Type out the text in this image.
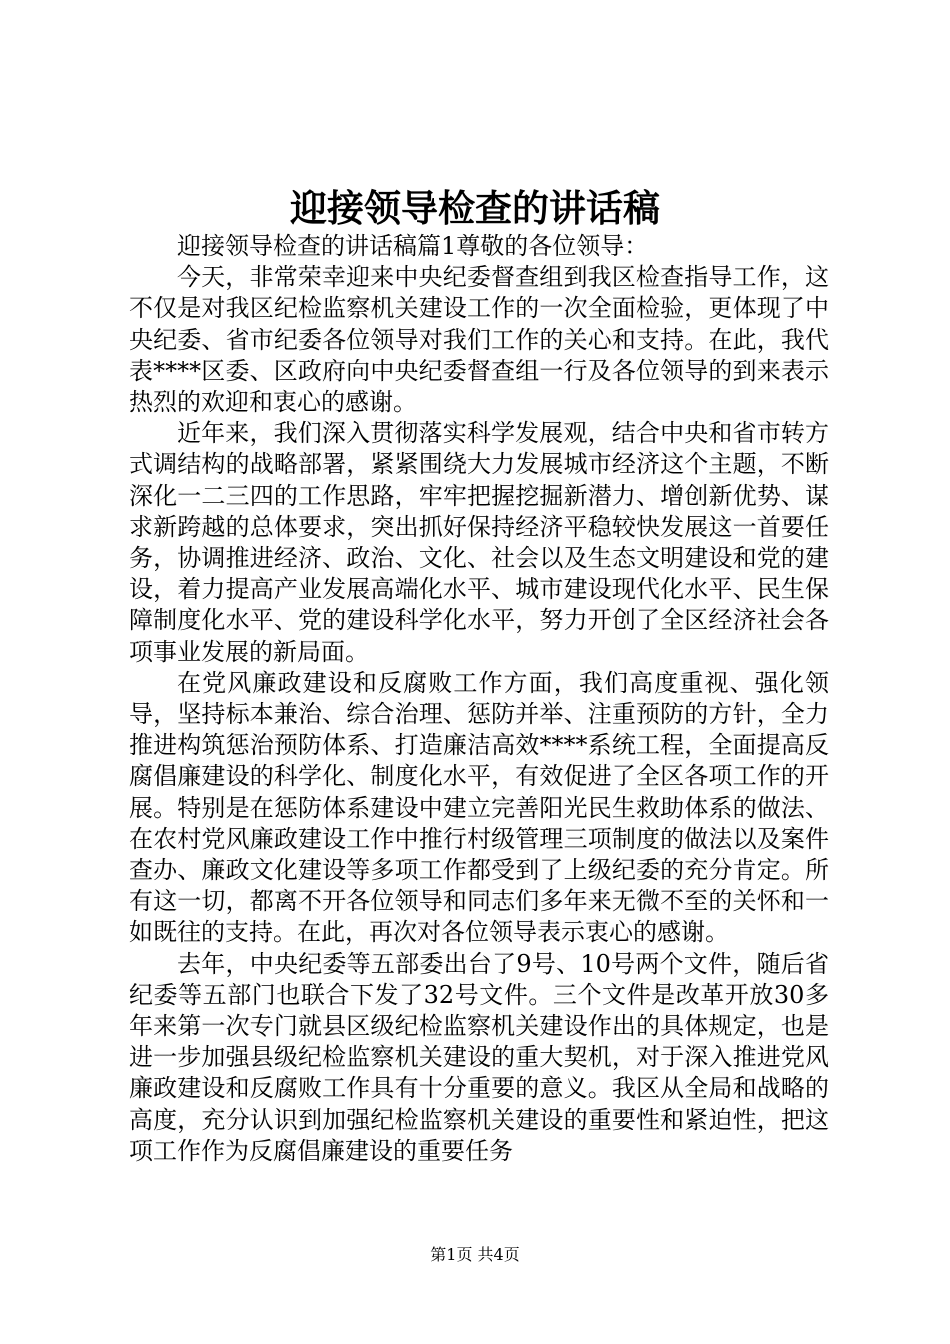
迎接领导检查的讲话稿

迎接领导检查的讲话稿篇1尊敬的各位领导：

今天，非常荣幸迎来中央纪委督查组到我区检查指导工作，这不仅是对我区纪检监察机关建设工作的一次全面检验，更体现了中央纪委、省市纪委各位领导对我们工作的关心和支持。在此，我代表****区委、区政府向中央纪委督查组一行及各位领导的到来表示热烈的欢迎和衷心的感谢。

近年来，我们深入贯彻落实科学发展观，结合中央和省市转方式调结构的战略部署，紧紧围绕大力发展城市经济这个主题，不断深化一二三四的工作思路，牢牢把握挖掘新潜力、增创新优势、谋求新跨越的总体要求，突出抓好保持经济平稳较快发展这一首要任务，协调推进经济、政治、文化、社会以及生态文明建设和党的建设，着力提高产业发展高端化水平、城市建设现代化水平、民生保障制度化水平、党的建设科学化水平，努力开创了全区经济社会各项事业发展的新局面。

在党风廉政建设和反腐败工作方面，我们高度重视、强化领导，坚持标本兼治、综合治理、惩防并举、注重预防的方针，全力推进构筑惩治预防体系、打造廉洁高效****系统工程，全面提高反腐倡廉建设的科学化、制度化水平，有效促进了全区各项工作的开展。特别是在惩防体系建设中建立完善阳光民生救助体系的做法、在农村党风廉政建设工作中推行村级管理三项制度的做法以及案件查办、廉政文化建设等多项工作都受到了上级纪委的充分肯定。所有这一切，都离不开各位领导和同志们多年来无微不至的关怀和一如既往的支持。在此，再次对各位领导表示衷心的感谢。

去年，中央纪委等五部委出台了9号、10号两个文件，随后省纪委等五部门也联合下发了32号文件。三个文件是改革开放30多年来第一次专门就县区级纪检监察机关建设作出的具体规定，也是进一步加强县级纪检监察机关建设的重大契机，对于深入推进党风廉政建设和反腐败工作具有十分重要的意义。我区从全局和战略的高度，充分认识到加强纪检监察机关建设的重要性和紧迫性，把这项工作作为反腐倡廉建设的重要任务

第1页 共4页
